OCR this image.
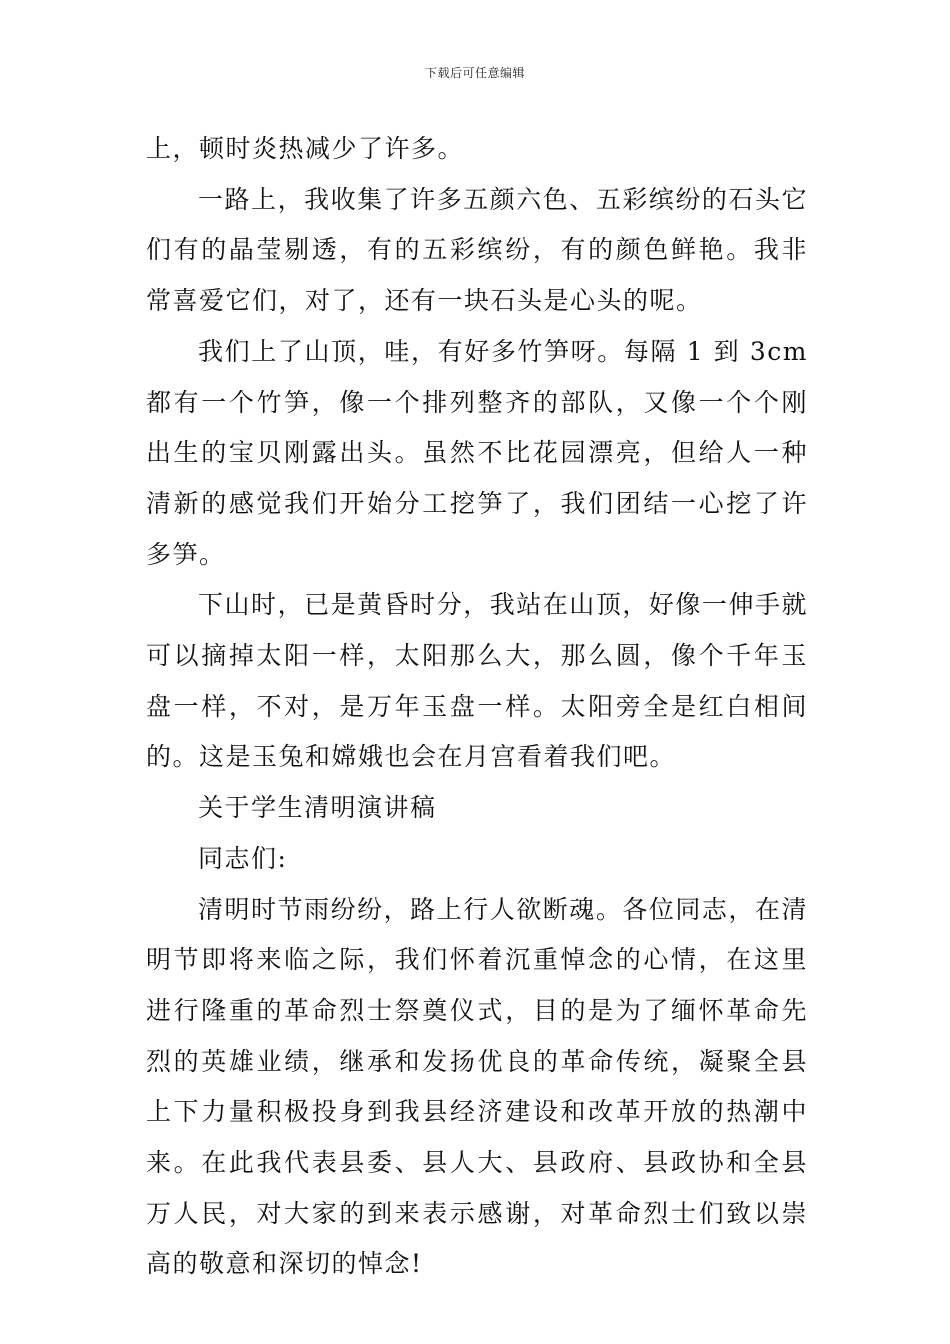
下载后可任意编辑

上，顿时炎热减少了许多。

一路上，我收集了许多五颜六色、五彩缤纷的石头它们有的晶莹剔透，有的五彩缤纷，有的颜色鲜艳。我非常喜爱它们，对了，还有一块石头是心头的呢。

我们上了山顶，哇，有好多竹笋呀。每隔 1 到 3cm 都有一个竹笋，像一个排列整齐的部队，又像一个个刚出生的宝贝刚露出头。虽然不比花园漂亮，但给人一种清新的感觉我们开始分工挖笋了，我们团结一心挖了许多笋。

下山时，已是黄昏时分，我站在山顶，好像一伸手就可以摘掉太阳一样，太阳那么大，那么圆，像个千年玉盘一样，不对，是万年玉盘一样。太阳旁全是红白相间的。这是玉兔和嫦娥也会在月宫看着我们吧。

关于学生清明演讲稿

同志们:

清明时节雨纷纷，路上行人欲断魂。各位同志，在清明节即将来临之际，我们怀着沉重悼念的心情，在这里进行隆重的革命烈士祭奠仪式，目的是为了缅怀革命先烈的英雄业绩，继承和发扬优良的革命传统，凝聚全县上下力量积极投身到我县经济建设和改革开放的热潮中来。在此我代表县委、县人大、县政府、县政协和全县万人民，对大家的到来表示感谢，对革命烈士们致以崇高的敬意和深切的悼念!
